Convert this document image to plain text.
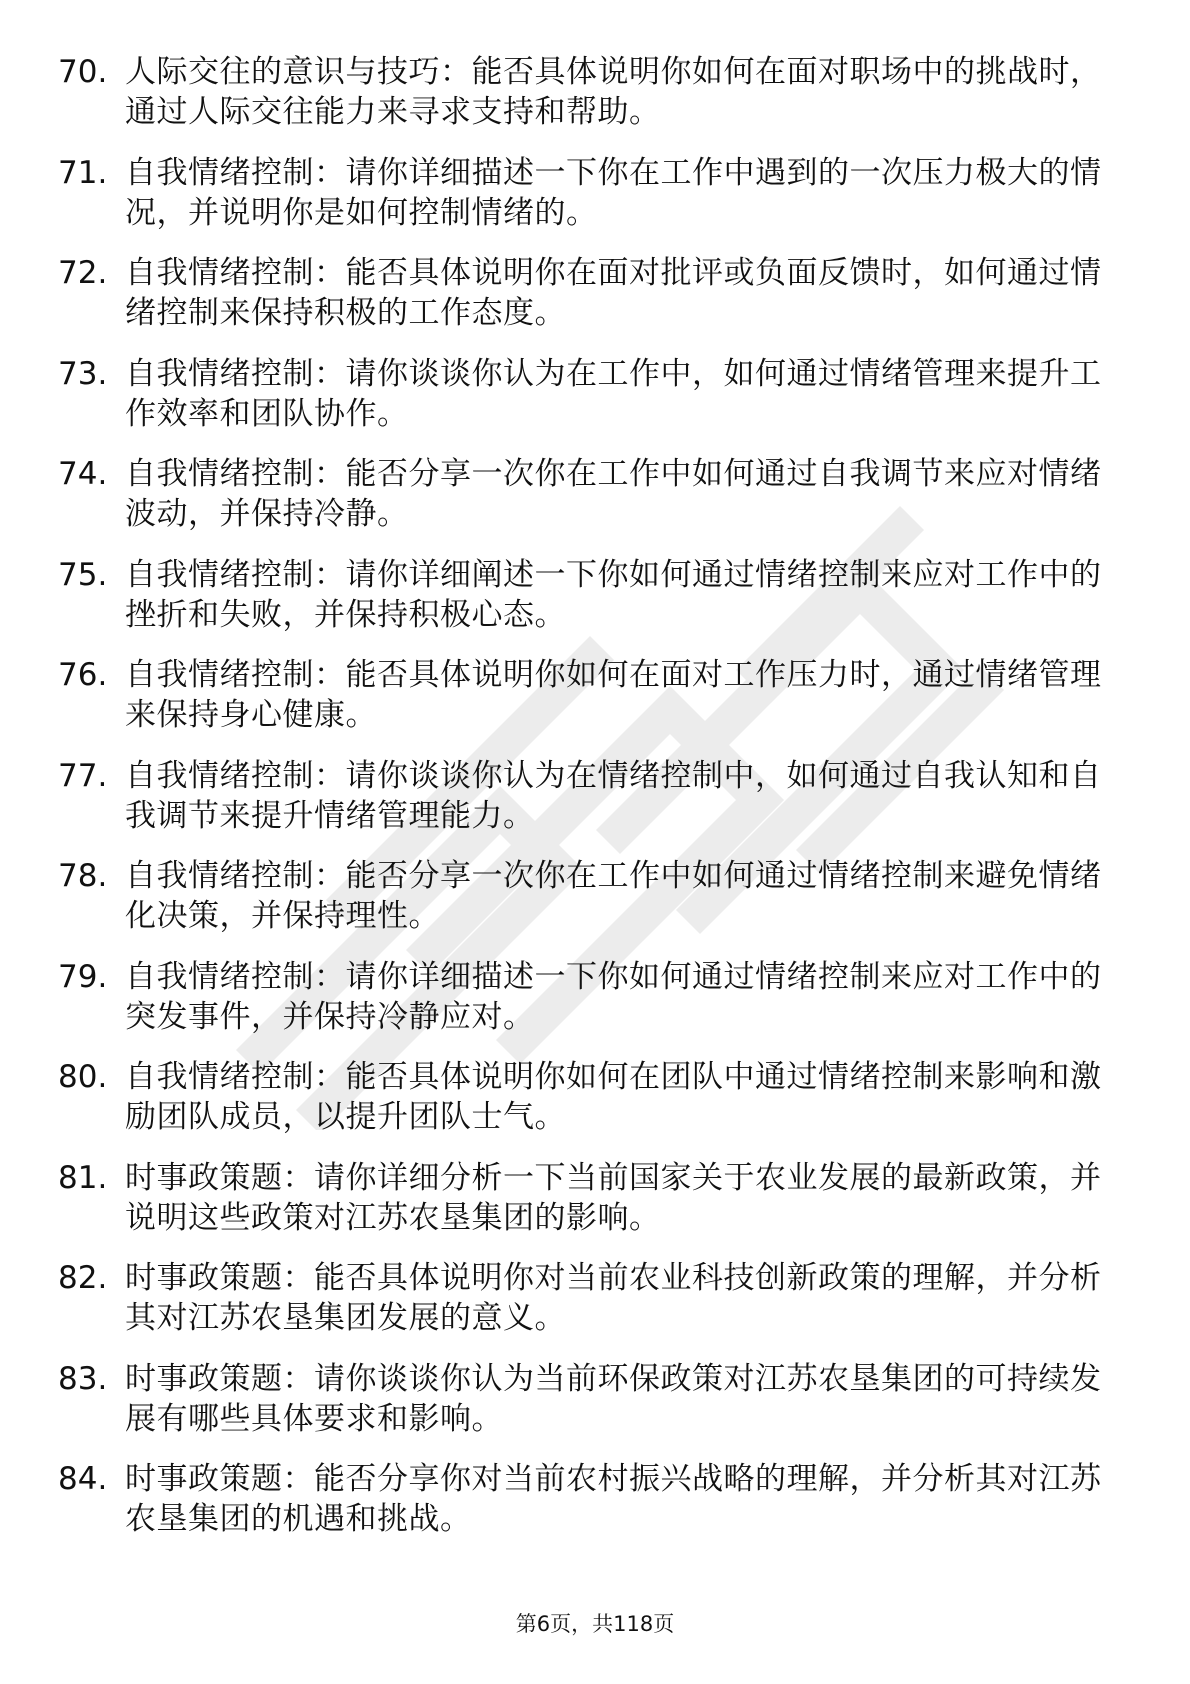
70. 人际交往的意识与技巧：能否具体说明你如何在面对职场中的挑战时，通过人际交往能力来寻求支持和帮助。
71. 自我情绪控制：请你详细描述一下你在工作中遇到的一次压力极大的情况，并说明你是如何控制情绪的。
72. 自我情绪控制：能否具体说明你在面对批评或负面反馈时，如何通过情绪控制来保持积极的工作态度。
73. 自我情绪控制：请你谈谈你认为在工作中，如何通过情绪管理来提升工作效率和团队协作。
74. 自我情绪控制：能否分享一次你在工作中如何通过自我调节来应对情绪波动，并保持冷静。
75. 自我情绪控制：请你详细阐述一下你如何通过情绪控制来应对工作中的挫折和失败，并保持积极心态。
76. 自我情绪控制：能否具体说明你如何在面对工作压力时，通过情绪管理来保持身心健康。
77. 自我情绪控制：请你谈谈你认为在情绪控制中，如何通过自我认知和自我调节来提升情绪管理能力。
78. 自我情绪控制：能否分享一次你在工作中如何通过情绪控制来避免情绪化决策，并保持理性。
79. 自我情绪控制：请你详细描述一下你如何通过情绪控制来应对工作中的突发事件，并保持冷静应对。
80. 自我情绪控制：能否具体说明你如何在团队中通过情绪控制来影响和激励团队成员，以提升团队士气。
81. 时事政策题：请你详细分析一下当前国家关于农业发展的最新政策，并说明这些政策对江苏农垦集团的影响。
82. 时事政策题：能否具体说明你对当前农业科技创新政策的理解，并分析其对江苏农垦集团发展的意义。
83. 时事政策题：请你谈谈你认为当前环保政策对江苏农垦集团的可持续发展有哪些具体要求和影响。
84. 时事政策题：能否分享你对当前农村振兴战略的理解，并分析其对江苏农垦集团的机遇和挑战。
第6页，共118页
